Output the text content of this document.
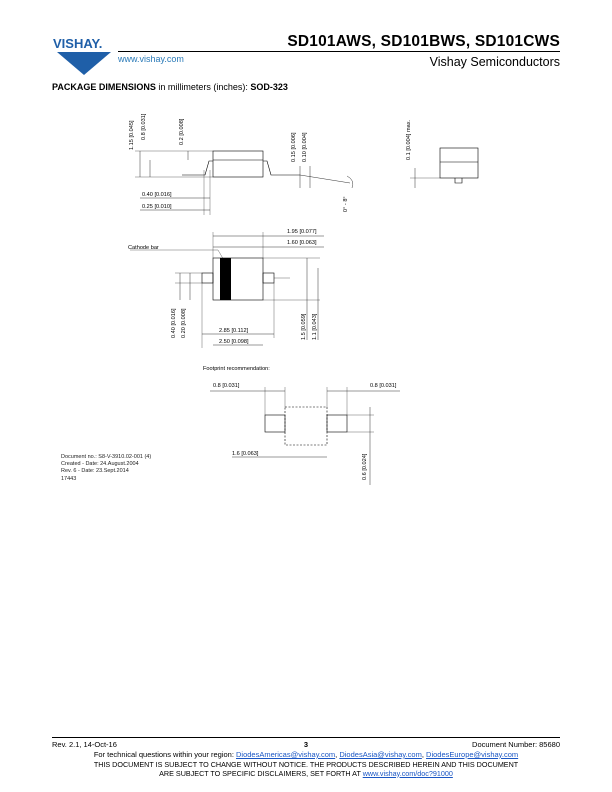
VISHAY.
www.vishay.com
SD101AWS, SD101BWS, SD101CWS
Vishay Semiconductors
PACKAGE DIMENSIONS in millimeters (inches): SOD-323
1.15 [0.045] 0.8 [0.031]	0.2 [0.008]
0.15 [0.006] 0.10 [0.004]	0.1 [0.004] max.
0.40 [0.016]
0.25 [0.010]	0° - 8°
1.95 [0.077]
1.60 [0.063]
Cathode bar
0.40 [0.016] 0.20 [0.008]	2.85 [0.112]
2.50 [0.098]
1.5 [0.059] 1.1 [0.043]
Footprint recommendation:
0.8 [0.031]	0.8 [0.031]
1.6 [0.063]	0.6 [0.024]
Document no.: S8-V-3910.02-001 (4)
Created - Date: 24.August.2004
Rev. 6 - Date: 23.Sept.2014
17443
Rev. 2.1, 14-Oct-16	3	Document Number: 85680
For technical questions within your region: DiodesAmericas@vishay.com, DiodesAsia@vishay.com, DiodesEurope@vishay.com
THIS DOCUMENT IS SUBJECT TO CHANGE WITHOUT NOTICE. THE PRODUCTS DESCRIBED HEREIN AND THIS DOCUMENT
ARE SUBJECT TO SPECIFIC DISCLAIMERS, SET FORTH AT www.vishay.com/doc?91000
